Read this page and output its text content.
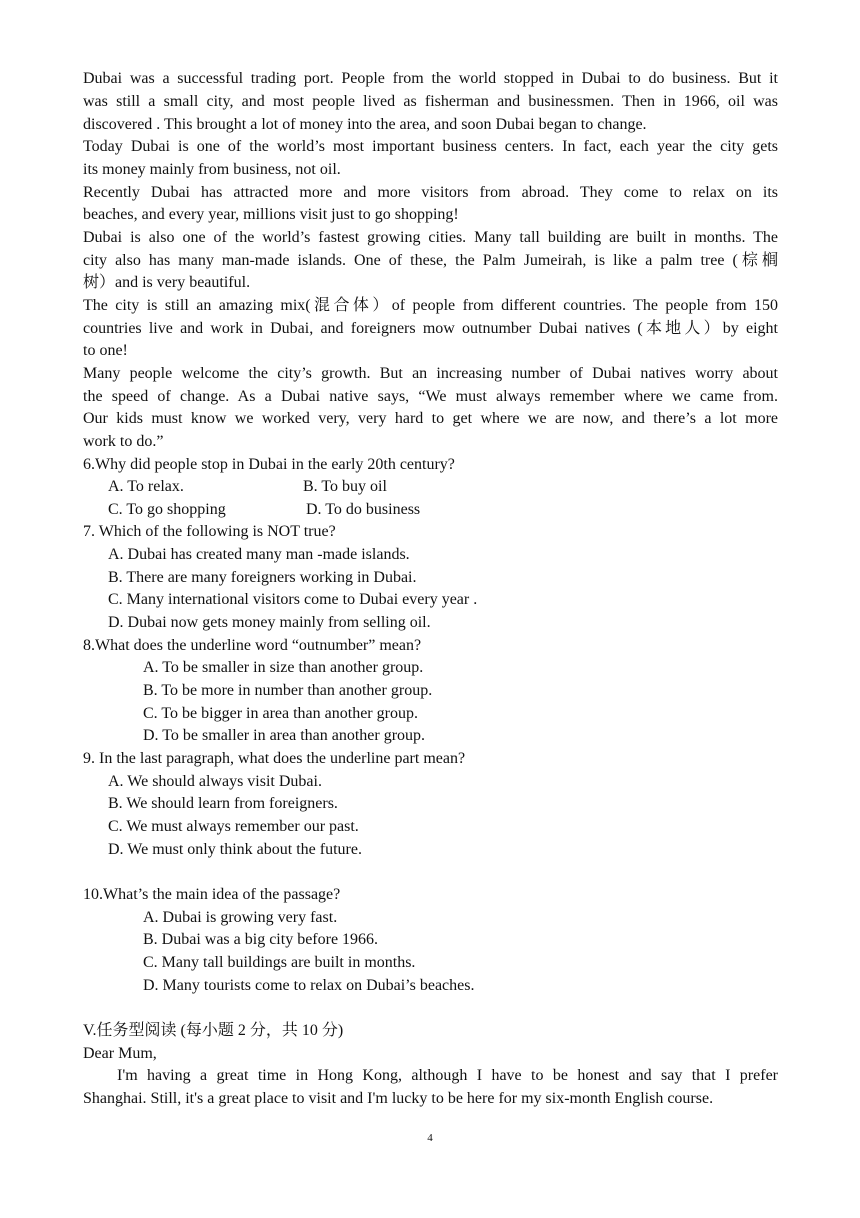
Dubai was a successful trading port. People from the world stopped in Dubai to do business. But it
was still a small city, and most people lived as fisherman and businessmen. Then in 1966, oil was
discovered . This brought a lot of money into the area, and soon Dubai began to change.
Today Dubai is one of the world’s most important business centers. In fact, each year the city gets
its money mainly from business, not oil.
Recently Dubai has attracted more and more visitors from abroad. They come to relax on its
beaches, and every year, millions visit just to go shopping!
Dubai is also one of the world’s fastest growing cities. Many tall building are built in months. The
city also has many man-made islands. One of these, the Palm Jumeirah, is like a palm tree (棕榈
树）and is very beautiful.
The city is still an amazing mix(混合体）of people from different countries. The people from 150
countries live and work in Dubai, and foreigners mow outnumber Dubai natives (本地人）by eight
to one!
Many people welcome the city’s growth. But an increasing number of Dubai natives worry about
the speed of change. As a Dubai native says, “We must always remember where we came from.
Our kids must know we worked very, very hard to get where we are now, and there’s a lot more
work to do.”
6.Why did people stop in Dubai in the early 20th century?
A. To relax.	B. To buy oil
C. To go shopping	D. To do business
7. Which of the following is NOT true?
A. Dubai has created many man -made islands.
B. There are many foreigners working in Dubai.
C. Many international visitors come to Dubai every year .
D. Dubai now gets money mainly from selling oil.
8.What does the underline word “outnumber” mean?
A. To be smaller in size than another group.
B. To be more in number than another group.
C. To be bigger in area than another group.
D. To be smaller in area than another group.
9. In the last paragraph, what does the underline part mean?
A. We should always visit Dubai.
B. We should learn from foreigners.
C. We must always remember our past.
D. We must only think about the future.
10.What’s the main idea of the passage?
A. Dubai is growing very fast.
B. Dubai was a big city before 1966.
C. Many tall buildings are built in months.
D. Many tourists come to relax on Dubai’s beaches.
V.任务型阅读 (每小题 2 分，共 10 分)
Dear Mum,
I'm having a great time in Hong Kong, although I have to be honest and say that I prefer
Shanghai. Still, it's a great place to visit and I'm lucky to be here for my six-month English course.
4
